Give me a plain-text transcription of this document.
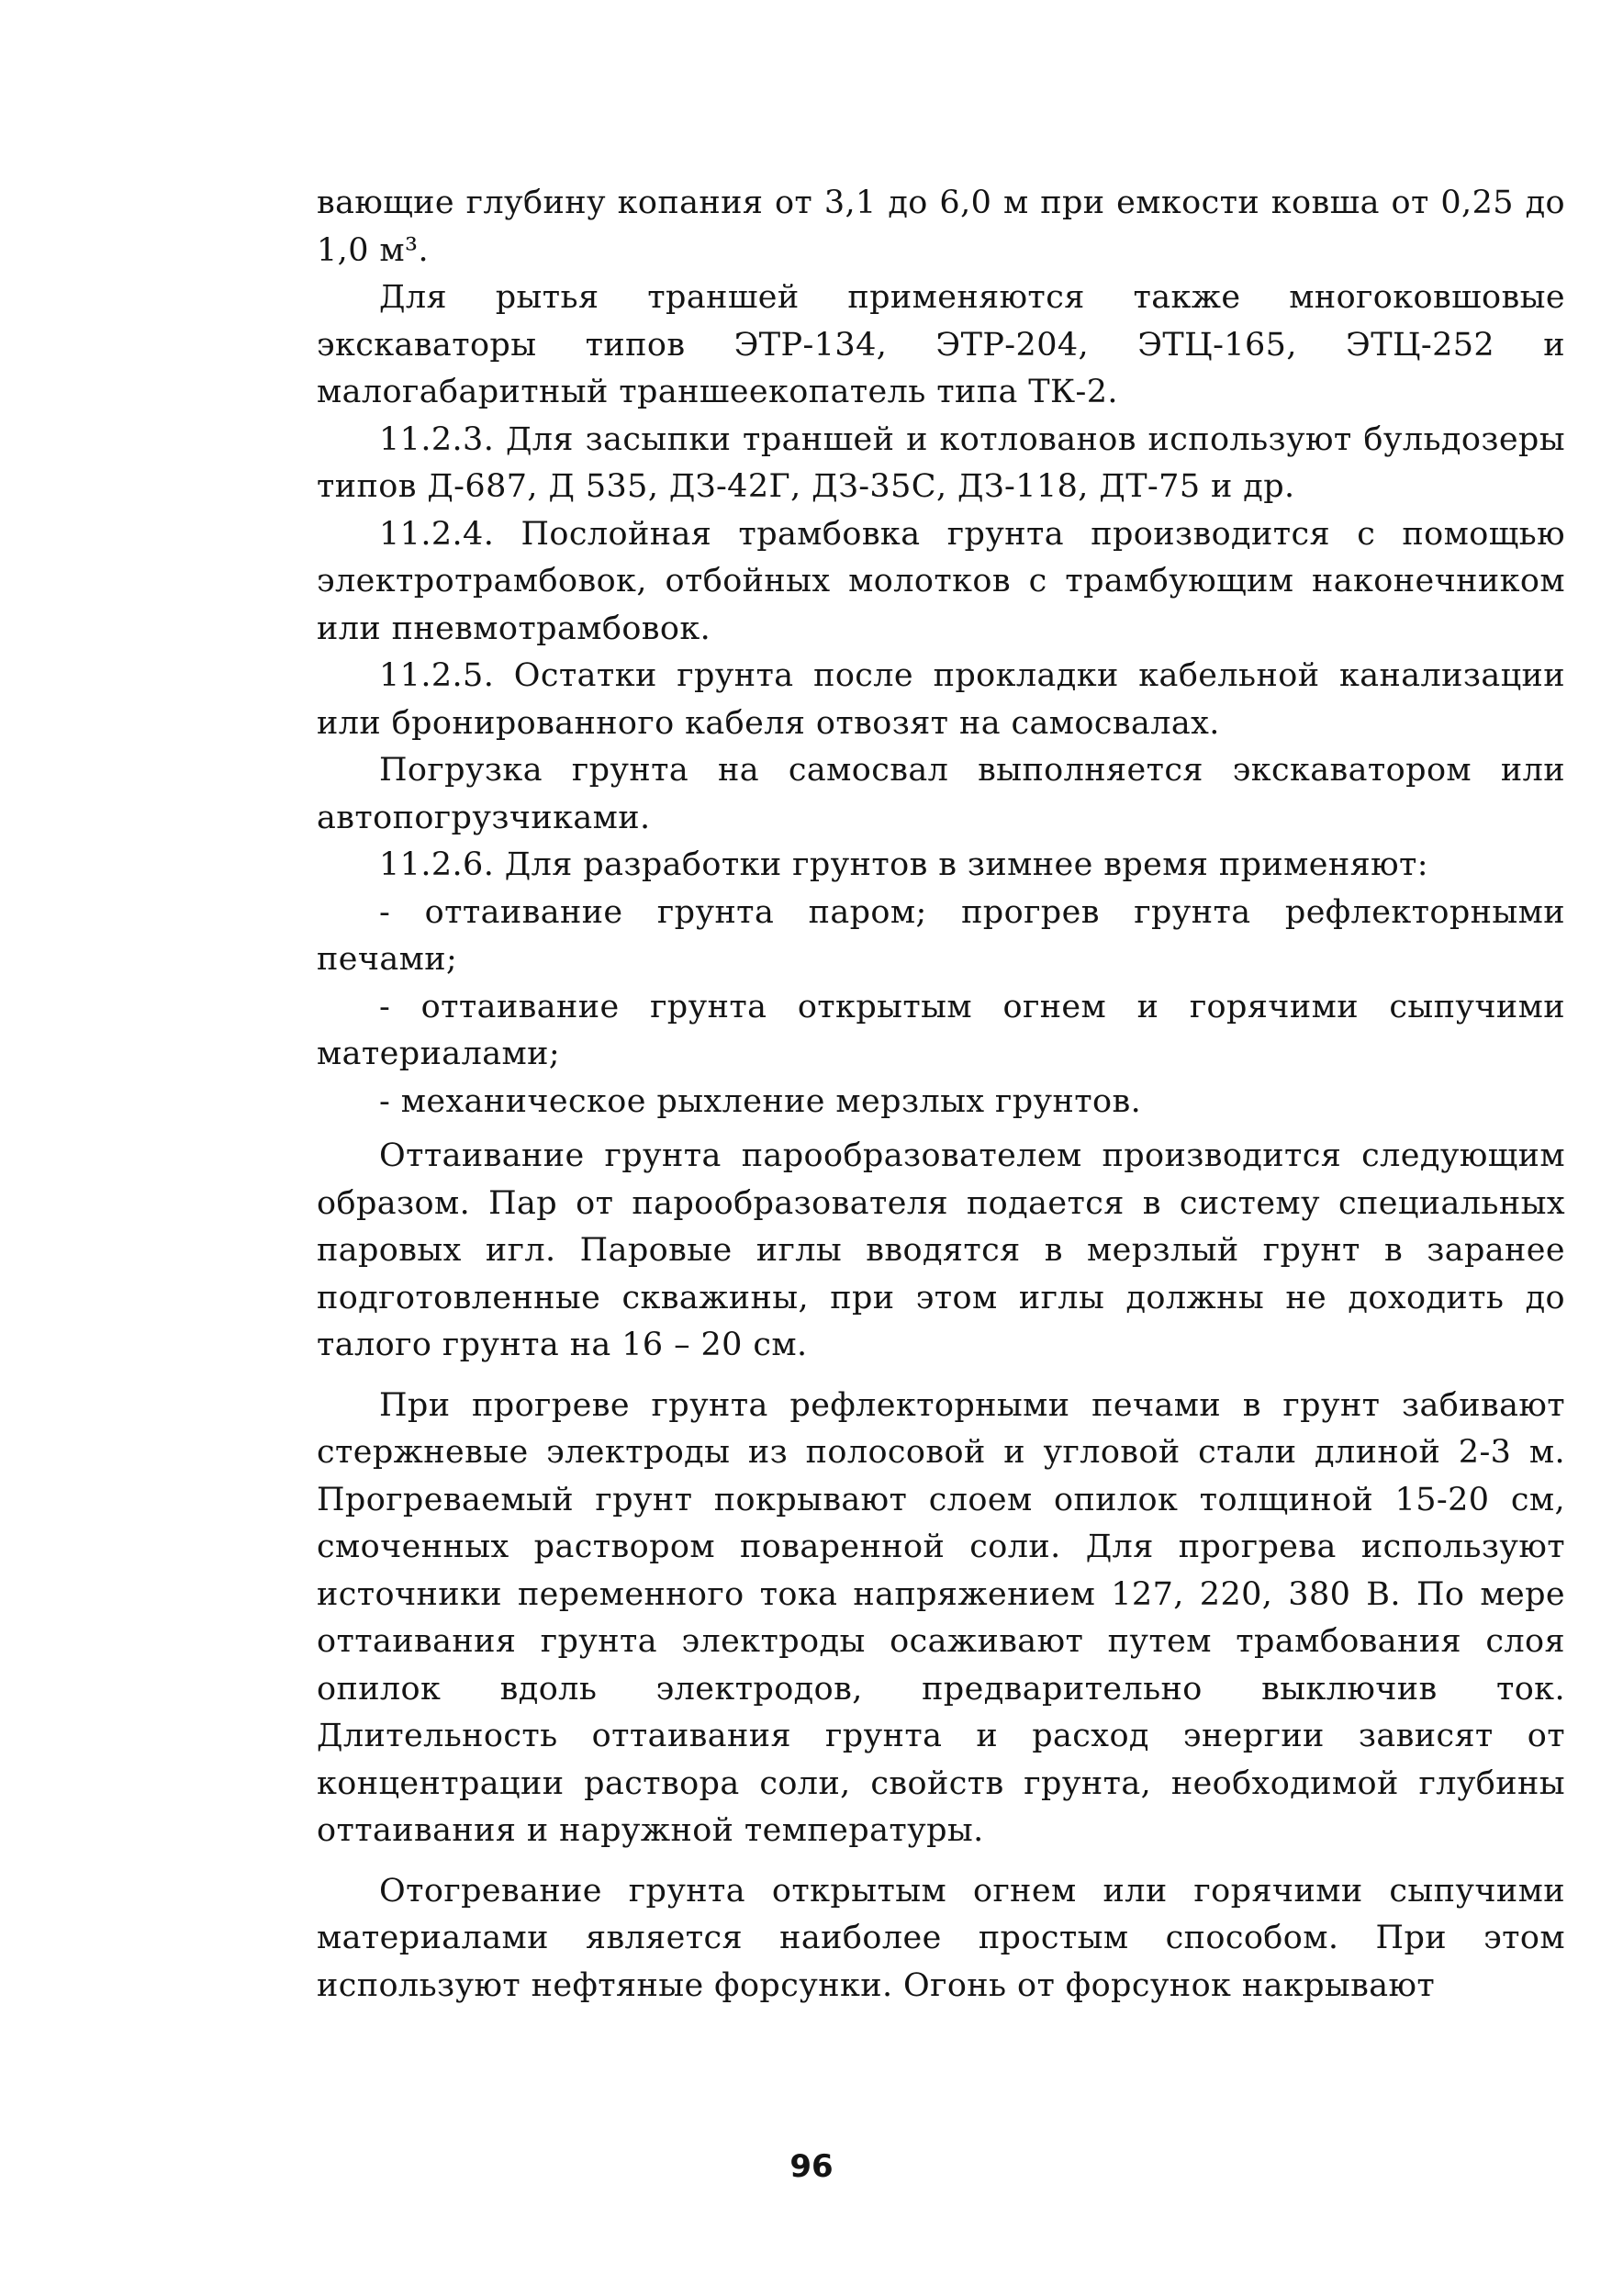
вающие глубину копания от 3,1 до 6,0 м при емкости ковша от 0,25 до 1,0 м³.

Для рытья траншей применяются также многоковшовые экскаваторы типов ЭТР-134, ЭТР-204, ЭТЦ-165, ЭТЦ-252 и малогабаритный траншеекопатель типа ТК-2.

11.2.3. Для засыпки траншей и котлованов используют бульдозеры типов Д-687, Д 535, ДЗ-42Г, ДЗ-35С, ДЗ-118, ДТ-75 и др.

11.2.4. Послойная трамбовка грунта производится с помощью электротрамбовок, отбойных молотков с трамбующим наконечником или пневмотрамбовок.

11.2.5. Остатки грунта после прокладки кабельной канализации или бронированного кабеля отвозят на самосвалах.

Погрузка грунта на самосвал выполняется экскаватором или автопогрузчиками.

11.2.6. Для разработки грунтов в зимнее время применяют:

- оттаивание грунта паром; прогрев грунта рефлекторными печами;

- оттаивание грунта открытым огнем и горячими сыпучими материалами;

- механическое рыхление мерзлых грунтов.

Оттаивание грунта парообразователем производится следующим образом. Пар от парообразователя подается в систему специальных паровых игл. Паровые иглы вводятся в мерзлый грунт в заранее подготовленные скважины, при этом иглы должны не доходить до талого грунта на 16 – 20 см.

При прогреве грунта рефлекторными печами в грунт забивают стержневые электроды из полосовой и угловой стали длиной 2-3 м. Прогреваемый грунт покрывают слоем опилок толщиной 15-20 см, смоченных раствором поваренной соли. Для прогрева используют источники переменного тока напряжением 127, 220, 380 В. По мере оттаивания грунта электроды осаживают путем трамбования слоя опилок вдоль электродов, предварительно выключив ток. Длительность оттаивания грунта и расход энергии зависят от концентрации раствора соли, свойств грунта, необходимой глубины оттаивания и наружной температуры.

Отогревание грунта открытым огнем или горячими сыпучими материалами является наиболее простым способом. При этом используют нефтяные форсунки. Огонь от форсунок накрывают

96
